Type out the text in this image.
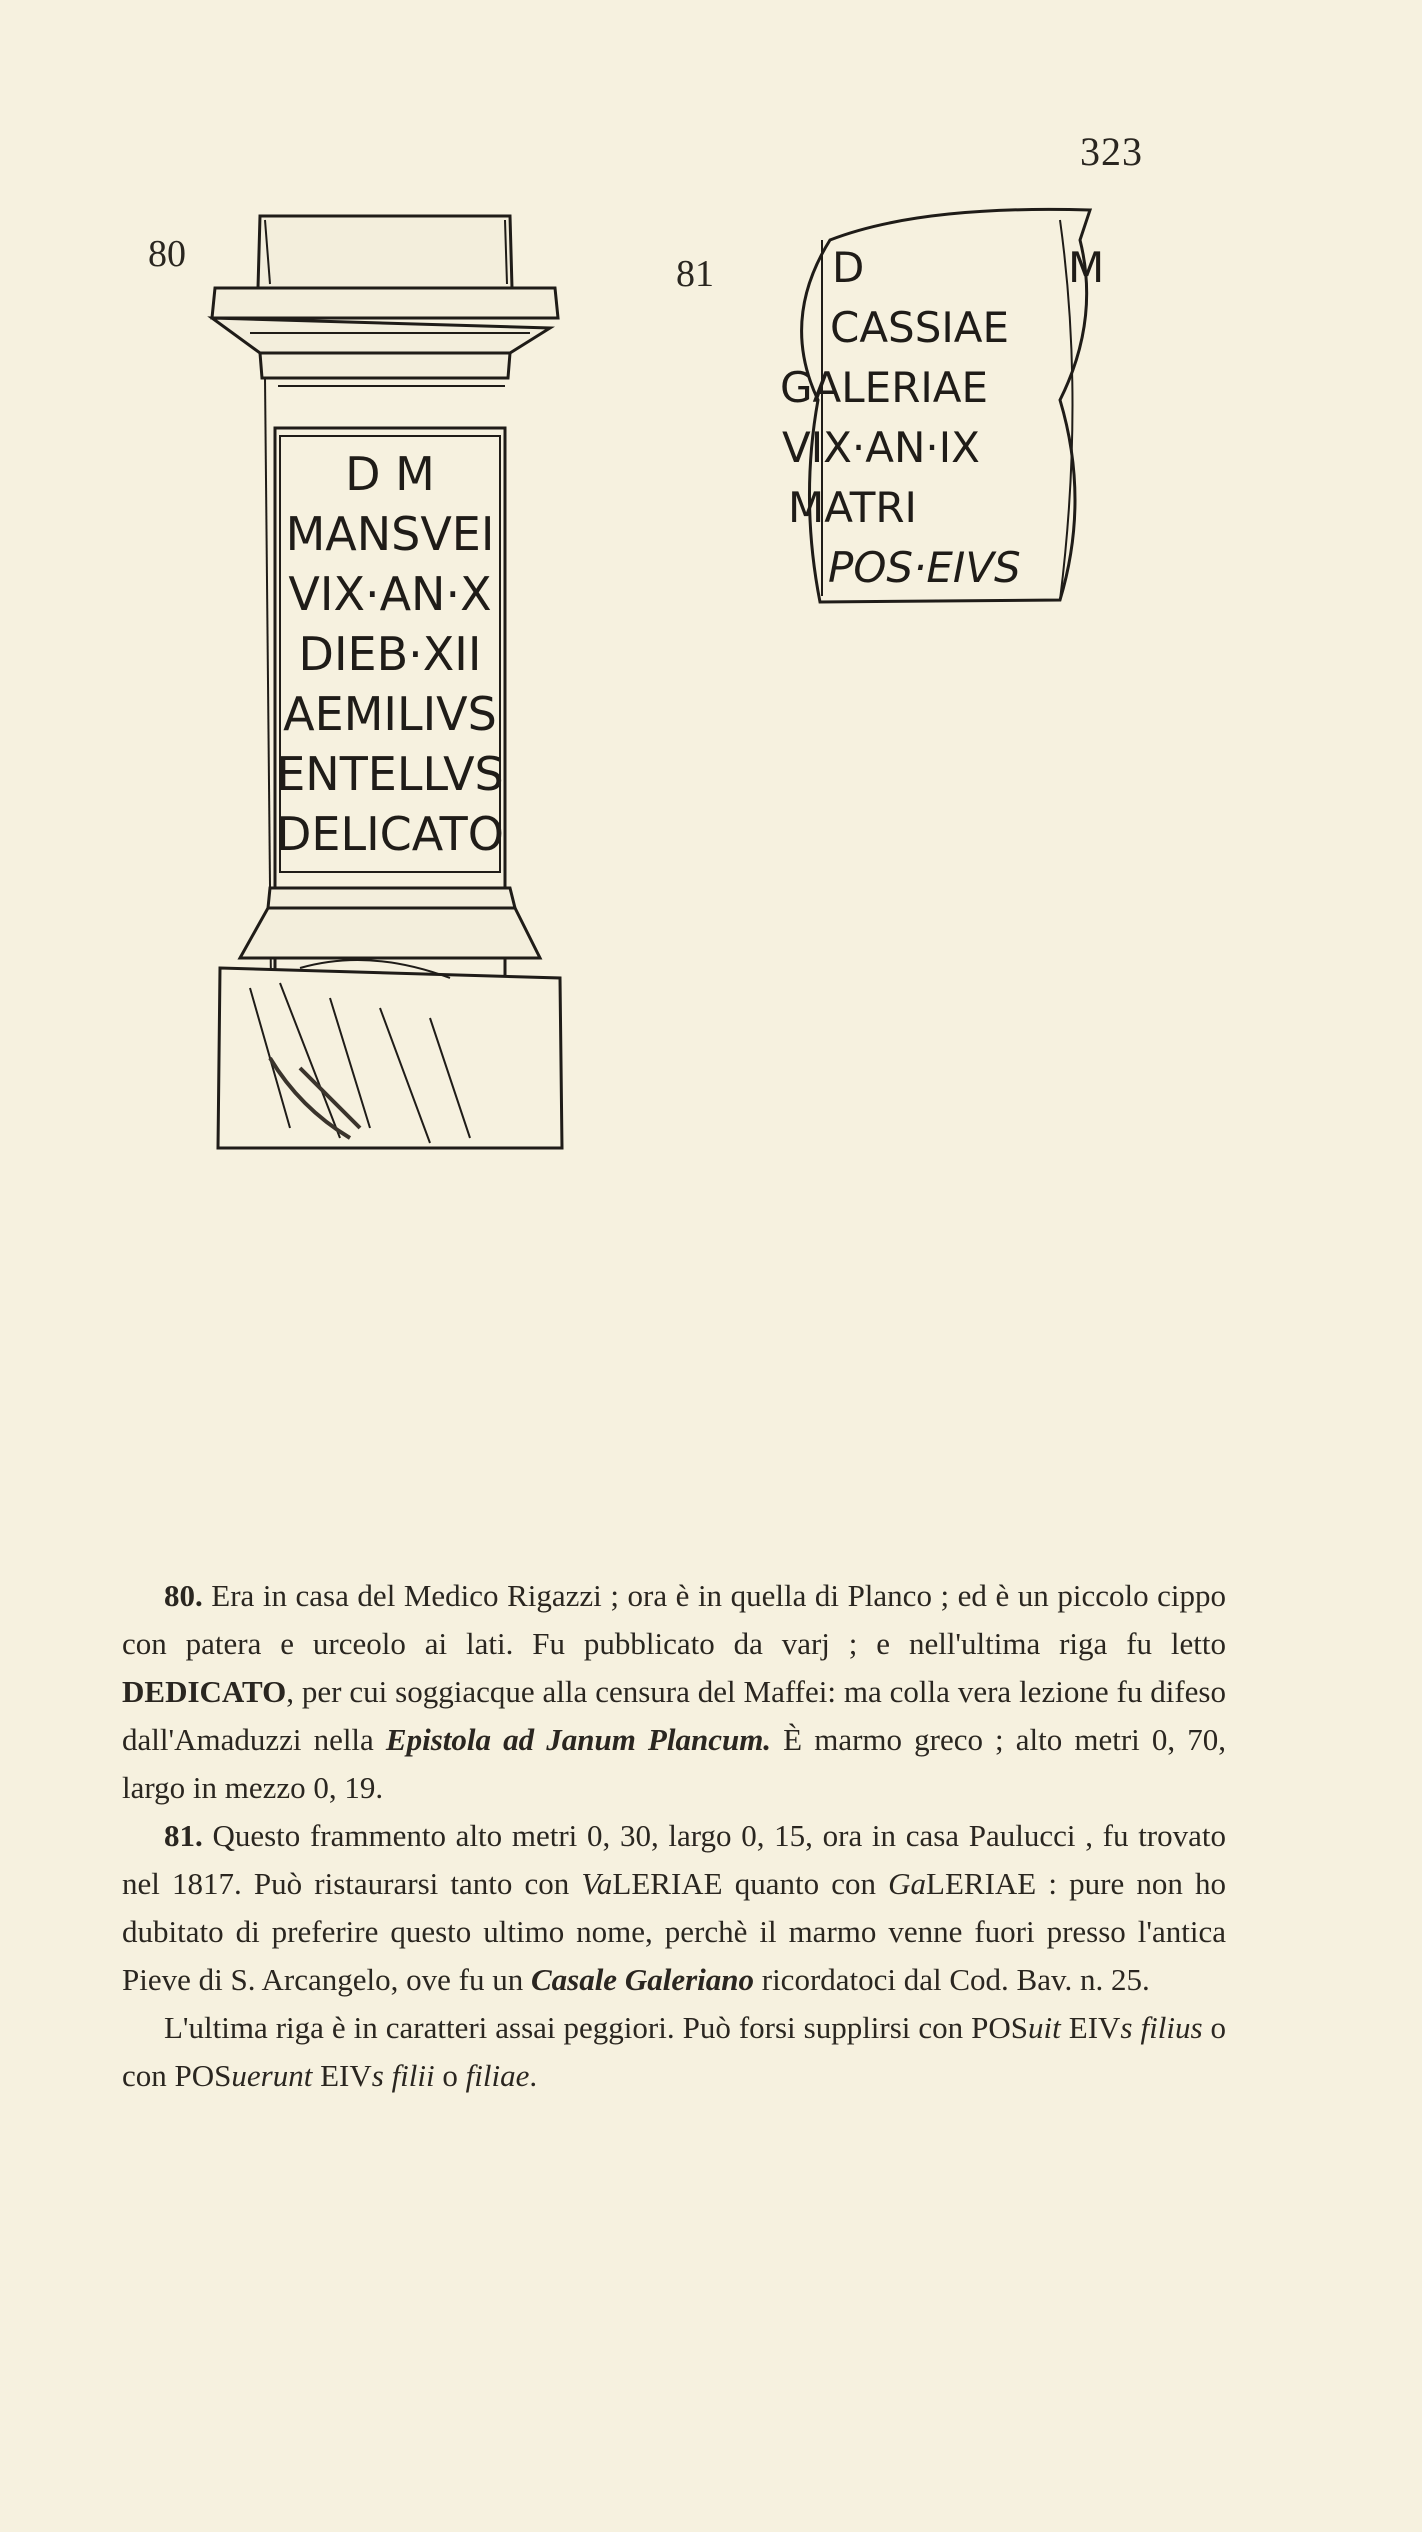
323
80	81
D M
MANSVEI
VIX·AN·X
DIEB·XII
AEMILIVS
ENTELLVS
DELICATO
D	M
CASSIAE
GALERIAE
VIX·AN·IX
MATRI
POS·EIVS

80. Era in casa del Medico Rigazzi ; ora è in quella di Planco ; ed è un piccolo cippo con patera e urceolo ai lati. Fu pubblicato da varj ; e nell'ultima riga fu letto DEDICATO, per cui soggiacque alla censura del Maffei: ma colla vera lezione fu difeso dall'Amaduzzi nella Epistola ad Janum Plancum. È marmo greco ; alto metri 0, 70, largo in mezzo 0, 19.

81. Questo frammento alto metri 0, 30, largo 0, 15, ora in casa Paulucci , fu trovato nel 1817. Può ristaurarsi tanto con VaLERIAE quanto con GaLERIAE : pure non ho dubitato di preferire questo ultimo nome, perchè il marmo venne fuori presso l'antica Pieve di S. Arcangelo, ove fu un Casale Galeriano ricordatoci dal Cod. Bav. n. 25.

L'ultima riga è in caratteri assai peggiori. Può forsi supplirsi con POSuit EIVs filius o con POSuerunt EIVs filii o filiae.
